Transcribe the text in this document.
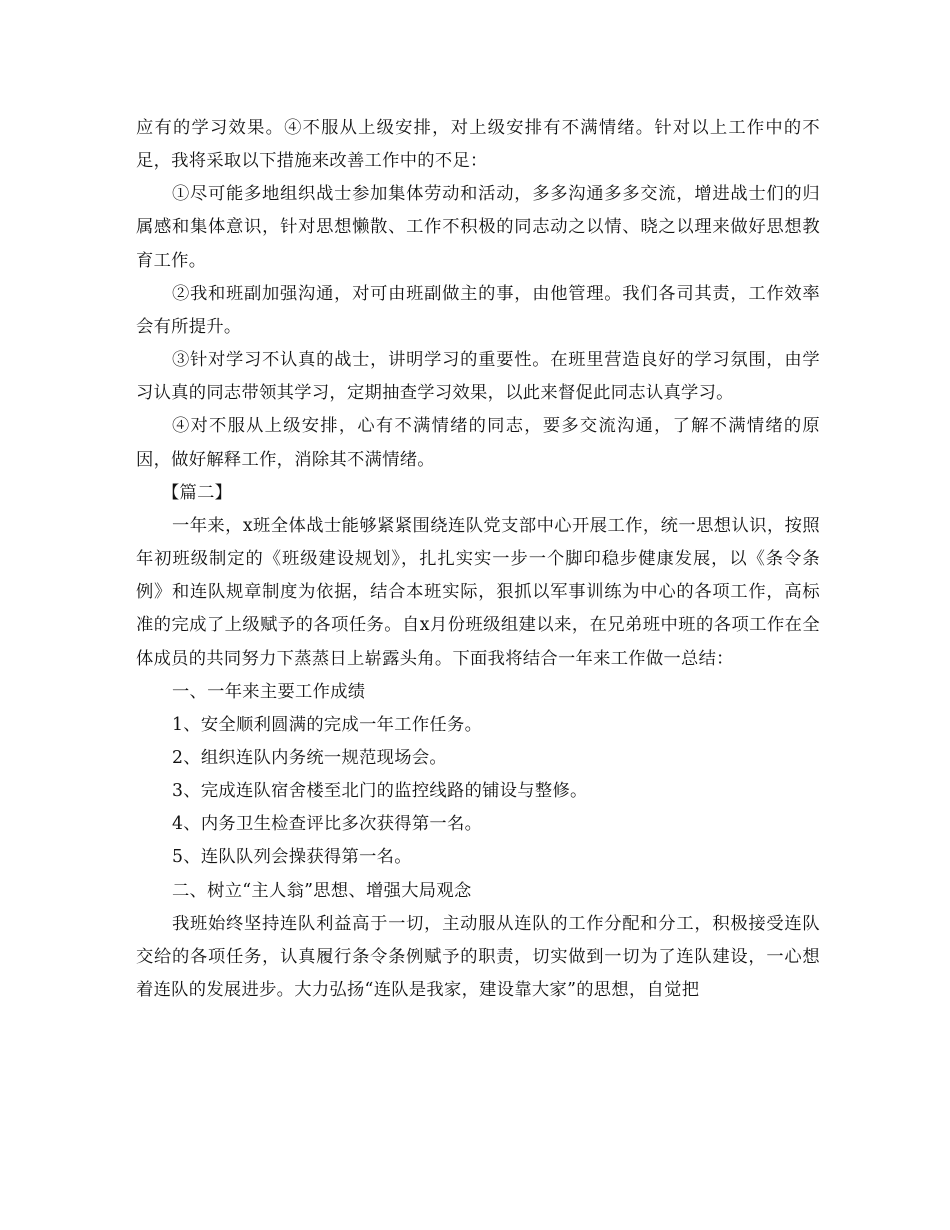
应有的学习效果。④不服从上级安排，对上级安排有不满情绪。针对以上工作中的不足，我将采取以下措施来改善工作中的不足：

①尽可能多地组织战士参加集体劳动和活动，多多沟通多多交流，增进战士们的归属感和集体意识，针对思想懒散、工作不积极的同志动之以情、晓之以理来做好思想教育工作。

②我和班副加强沟通，对可由班副做主的事，由他管理。我们各司其责，工作效率会有所提升。

③针对学习不认真的战士，讲明学习的重要性。在班里营造良好的学习氛围，由学习认真的同志带领其学习，定期抽查学习效果，以此来督促此同志认真学习。

④对不服从上级安排，心有不满情绪的同志，要多交流沟通，了解不满情绪的原因，做好解释工作，消除其不满情绪。

【篇二】

一年来，x班全体战士能够紧紧围绕连队党支部中心开展工作，统一思想认识，按照年初班级制定的《班级建设规划》，扎扎实实一步一个脚印稳步健康发展，以《条令条例》和连队规章制度为依据，结合本班实际，狠抓以军事训练为中心的各项工作，高标准的完成了上级赋予的各项任务。自x月份班级组建以来，在兄弟班中班的各项工作在全体成员的共同努力下蒸蒸日上崭露头角。下面我将结合一年来工作做一总结：

一、一年来主要工作成绩

1、安全顺利圆满的完成一年工作任务。

2、组织连队内务统一规范现场会。

3、完成连队宿舍楼至北门的监控线路的铺设与整修。

4、内务卫生检查评比多次获得第一名。

5、连队队列会操获得第一名。

二、树立“主人翁”思想、增强大局观念

我班始终坚持连队利益高于一切，主动服从连队的工作分配和分工，积极接受连队交给的各项任务，认真履行条令条例赋予的职责，切实做到一切为了连队建设，一心想着连队的发展进步。大力弘扬“连队是我家，建设靠大家”的思想，自觉把
